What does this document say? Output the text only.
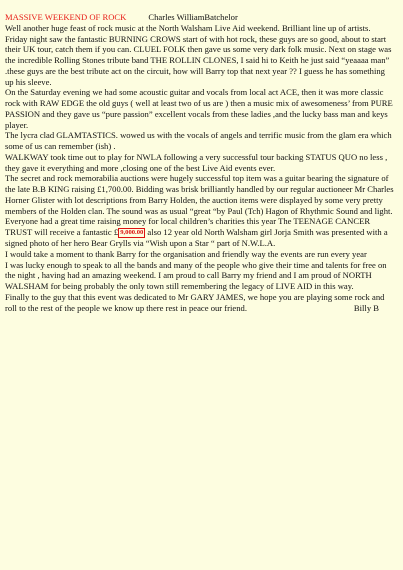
MASSIVE WEEKEND OF ROCK	Charles WilliamBatchelor

Well another huge feast of rock music at the North Walsham Live Aid weekend. Brilliant line up of artists.

Friday night saw the fantastic BURNING CROWS start of with hot rock, these guys are so good, about to start their UK tour, catch them if you can. CLUEL FOLK then gave us some very dark folk music. Next on stage was the incredible Rolling Stones tribute band THE ROLLIN CLONES, I said hi to Keith he just said “yeaaaa man” .these guys are the best tribute act on the circuit, how will Barry top that next year ?? I guess he has something up his sleeve.

On the Saturday evening we had some acoustic guitar and vocals from local act ACE, then it was more classic rock with RAW EDGE the old guys ( well at least two of us are ) then a music mix of awesomeness’ from PURE PASSION and they gave us “pure passion” excellent vocals from these ladies ,and the lucky bass man and keys player.

The lycra clad GLAMTASTICS. wowed us with the vocals of angels and terrific music from the glam era which some of us can remember (ish) .

WALKWAY took time out to play for NWLA following a very successful tour backing STATUS QUO no less , they gave it everything and more ,closing one of the best Live Aid events ever.

The secret and rock memorabilia auctions were hugely successful top item was a guitar bearing the signature of the late B.B KING raising £1,700.00. Bidding was brisk brilliantly handled by our regular auctioneer Mr Charles Horner Glister with lot descriptions from Barry Holden, the auction items were displayed by some very pretty members of the Holden clan. The sound was as usual “great “by Paul (Tch) Hagon of Rhythmic Sound and light. Everyone had a great time raising money for local children’s charities this year The TEENAGE CANCER TRUST will receive a fantastic £ 9,000.00 also 12 year old North Walsham girl Jorja Smith was presented with a signed photo of her hero Bear Grylls via “Wish upon a Star “ part of N.W.L.A.

I would take a moment to thank Barry for the organisation and friendly way the events are run every year

I was lucky enough to speak to all the bands and many of the people who give their time and talents for free on the night , having had an amazing weekend. I am proud to call Barry my friend and I am proud of NORTH WALSHAM for being probably the only town still remembering the legacy of LIVE AID in this way.

Finally to the guy that this event was dedicated to Mr GARY JAMES, we hope you are playing some rock and roll to the rest of the people we know up there rest in peace our friend.	Billy B
